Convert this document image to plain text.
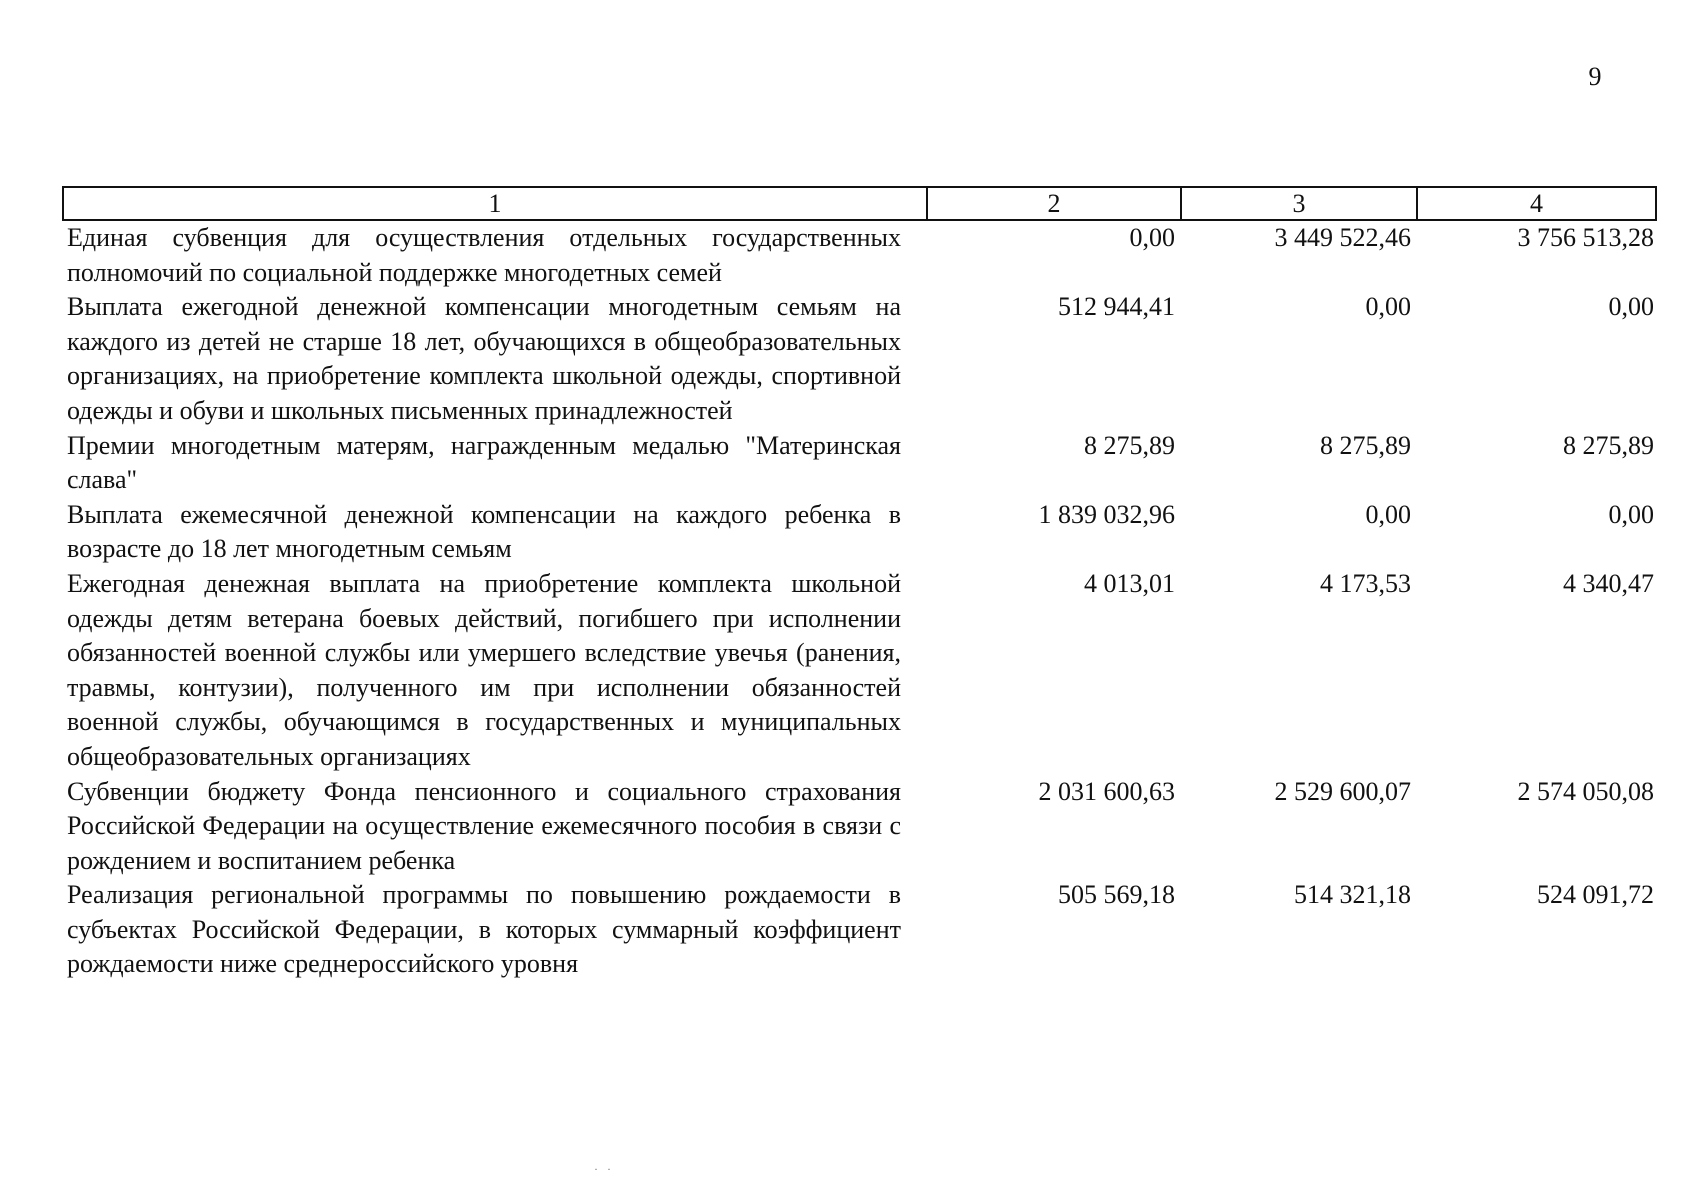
9
1	2	3	4
Единая субвенция для осуществления отдельных государственных полномочий по социальной поддержке многодетных семей	0,00	3 449 522,46	3 756 513,28
Выплата ежегодной денежной компенсации многодетным семьям на каждого из детей не старше 18 лет, обучающихся в общеобразовательных организациях, на приобретение комплекта школьной одежды, спортивной одежды и обуви и школьных письменных принадлежностей	512 944,41	0,00	0,00
Премии многодетным матерям, награжденным медалью "Материнская слава"	8 275,89	8 275,89	8 275,89
Выплата ежемесячной денежной компенсации на каждого ребенка в возрасте до 18 лет многодетным семьям	1 839 032,96	0,00	0,00
Ежегодная денежная выплата на приобретение комплекта школьной одежды детям ветерана боевых действий, погибшего при исполнении обязанностей военной службы или умершего вследствие увечья (ранения, травмы, контузии), полученного им при исполнении обязанностей военной службы, обучающимся в государственных и муниципальных общеобразовательных организациях	4 013,01	4 173,53	4 340,47
Субвенции бюджету Фонда пенсионного и социального страхования Российской Федерации на осуществление ежемесячного пособия в связи с рождением и воспитанием ребенка	2 031 600,63	2 529 600,07	2 574 050,08
Реализация региональной программы по повышению рождаемости в субъектах Российской Федерации, в которых суммарный коэффициент рождаемости ниже среднероссийского уровня	505 569,18	514 321,18	524 091,72
· ·
